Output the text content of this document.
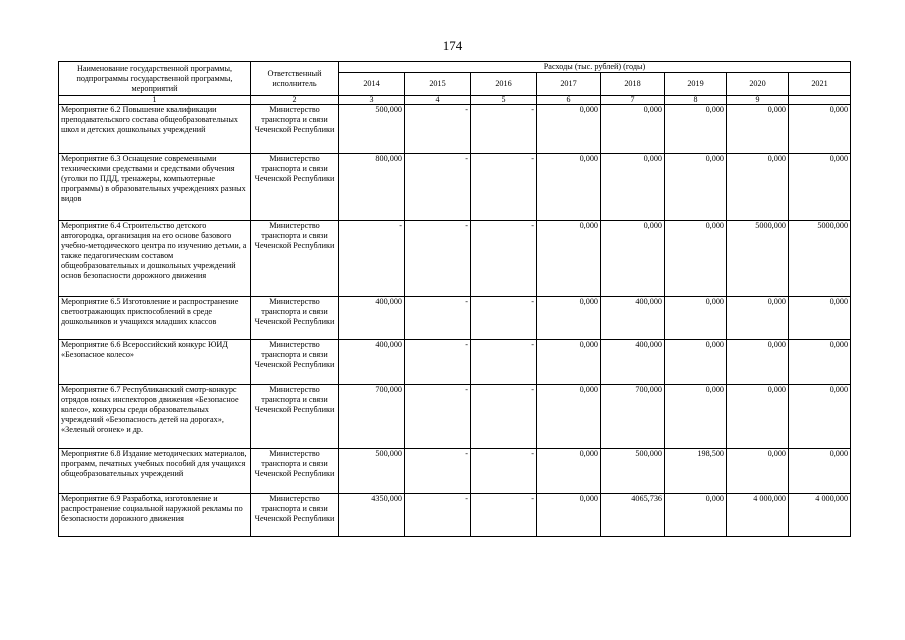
174
Наименование государственной программы, подпрограммы государственной программы, мероприятий	Ответственный исполнитель	Расходы (тыс. рублей) (годы)							
		2014	2015	2016	2017	2018	2019	2020	2021
1	2	3	4	5	6	7	8	9	
Мероприятие 6.2 Повышение квалификации преподавательского состава общеобразовательных школ и детских дошкольных учреждений	Министерство транспорта и связи Чеченской Республики	500,000	-	-	0,000	0,000	0,000	0,000	0,000
Мероприятие 6.3 Оснащение современными техническими средствами и средствами обучения (уголки по ПДД, тренажеры, компьютерные программы) в образовательных учреждениях разных видов	Министерство транспорта и связи Чеченской Республики	800,000	-	-	0,000	0,000	0,000	0,000	0,000
Мероприятие 6.4 Строительство детского автогородка, организация на его основе базового учебно-методического центра по изучению детьми, а также педагогическим составом общеобразовательных и дошкольных учреждений основ безопасности дорожного движения	Министерство транспорта и связи Чеченской Республики	-	-	-	0,000	0,000	0,000	5000,000	5000,000
Мероприятие 6.5 Изготовление и распространение светоотражающих приспособлений в среде дошкольников и учащихся младших классов	Министерство транспорта и связи Чеченской Республики	400,000	-	-	0,000	400,000	0,000	0,000	0,000
Мероприятие 6.6 Всероссийский конкурс ЮИД «Безопасное колесо»	Министерство транспорта и связи Чеченской Республики	400,000	-	-	0,000	400,000	0,000	0,000	0,000
Мероприятие 6.7 Республиканский смотр-конкурс отрядов юных инспекторов движения «Безопасное колесо», конкурсы среди образовательных учреждений «Безопасность детей на дорогах», «Зеленый огонек» и др.	Министерство транспорта и связи Чеченской Республики	700,000	-	-	0,000	700,000	0,000	0,000	0,000
Мероприятие 6.8 Издание методических материалов, программ, печатных учебных пособий для учащихся общеобразовательных учреждений	Министерство транспорта и связи Чеченской Республики	500,000	-	-	0,000	500,000	198,500	0,000	0,000
Мероприятие 6.9 Разработка, изготовление и распространение социальной наружной рекламы по безопасности дорожного движения	Министерство транспорта и связи Чеченской Республики	4350,000	-	-	0,000	4065,736	0,000	4 000,000	4 000,000
